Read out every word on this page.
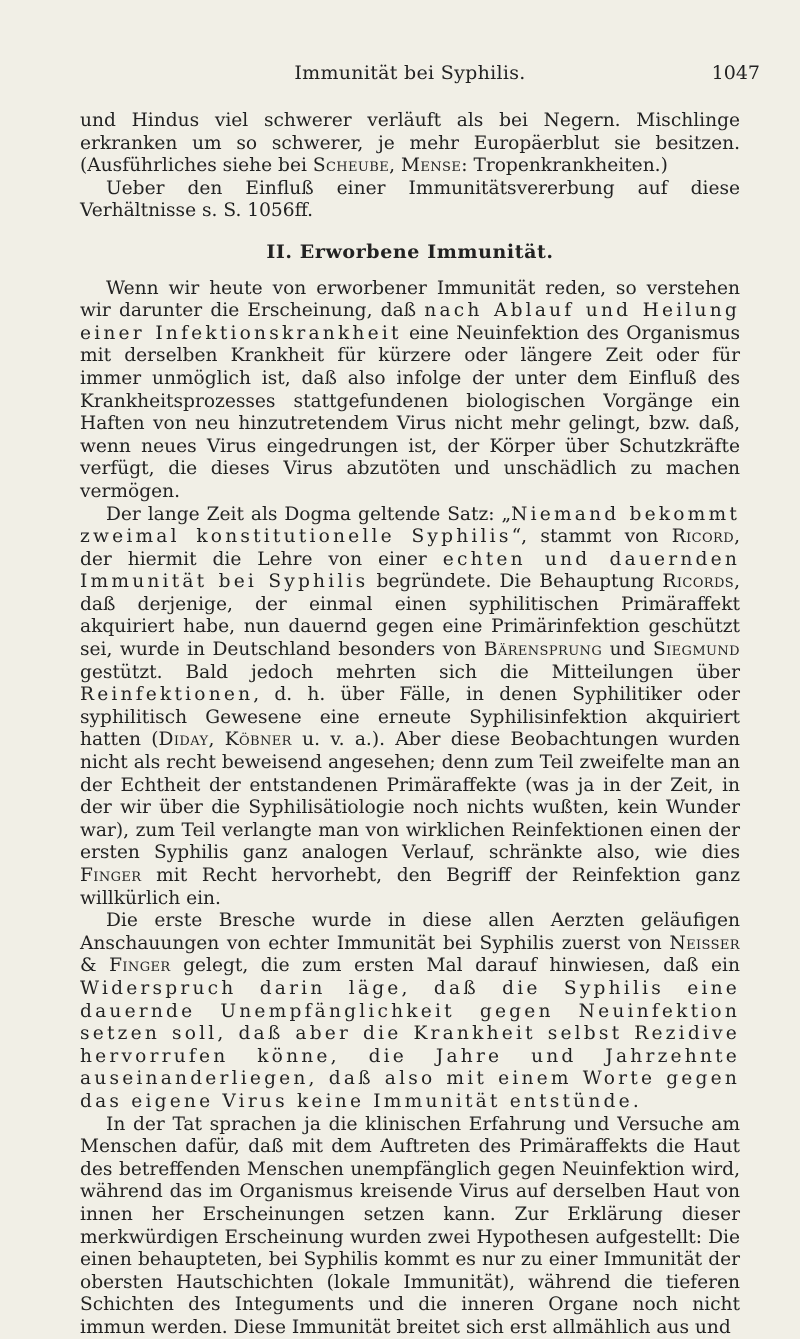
Immunität bei Syphilis.	1047

und Hindus viel schwerer verläuft als bei Negern. Mischlinge erkranken um so schwerer, je mehr Europäerblut sie besitzen. (Ausführliches siehe bei Scheube, Mense: Tropenkrankheiten.)

Ueber den Einfluß einer Immunitätsvererbung auf diese Verhältnisse s. S. 1056ff.

II. Erworbene Immunität.

Wenn wir heute von erworbener Immunität reden, so verstehen wir darunter die Erscheinung, daß nach Ablauf und Heilung einer Infektionskrankheit eine Neuinfektion des Organismus mit derselben Krankheit für kürzere oder längere Zeit oder für immer unmöglich ist, daß also infolge der unter dem Einfluß des Krankheitsprozesses stattgefundenen biologischen Vorgänge ein Haften von neu hinzutretendem Virus nicht mehr gelingt, bzw. daß, wenn neues Virus eingedrungen ist, der Körper über Schutzkräfte verfügt, die dieses Virus abzutöten und unschädlich zu machen vermögen.

Der lange Zeit als Dogma geltende Satz: „Niemand bekommt zweimal konstitutionelle Syphilis“, stammt von Ricord, der hiermit die Lehre von einer echten und dauernden Immunität bei Syphilis begründete. Die Behauptung Ricords, daß derjenige, der einmal einen syphilitischen Primäraffekt akquiriert habe, nun dauernd gegen eine Primärinfektion geschützt sei, wurde in Deutschland besonders von Bärensprung und Siegmund gestützt. Bald jedoch mehrten sich die Mitteilungen über Reinfektionen, d. h. über Fälle, in denen Syphilitiker oder syphilitisch Gewesene eine erneute Syphilisinfektion akquiriert hatten (Diday, Köbner u. v. a.). Aber diese Beobachtungen wurden nicht als recht beweisend angesehen; denn zum Teil zweifelte man an der Echtheit der entstandenen Primäraffekte (was ja in der Zeit, in der wir über die Syphilisätiologie noch nichts wußten, kein Wunder war), zum Teil verlangte man von wirklichen Reinfektionen einen der ersten Syphilis ganz analogen Verlauf, schränkte also, wie dies Finger mit Recht hervorhebt, den Begriff der Reinfektion ganz willkürlich ein.

Die erste Bresche wurde in diese allen Aerzten geläufigen Anschauungen von echter Immunität bei Syphilis zuerst von Neisser & Finger gelegt, die zum ersten Mal darauf hinwiesen, daß ein Widerspruch darin läge, daß die Syphilis eine dauernde Unempfänglichkeit gegen Neuinfektion setzen soll, daß aber die Krankheit selbst Rezidive hervorrufen könne, die Jahre und Jahrzehnte auseinanderliegen, daß also mit einem Worte gegen das eigene Virus keine Immunität entstünde.

In der Tat sprachen ja die klinischen Erfahrung und Versuche am Menschen dafür, daß mit dem Auftreten des Primäraffekts die Haut des betreffenden Menschen unempfänglich gegen Neuinfektion wird, während das im Organismus kreisende Virus auf derselben Haut von innen her Erscheinungen setzen kann. Zur Erklärung dieser merkwürdigen Erscheinung wurden zwei Hypothesen aufgestellt: Die einen behaupteten, bei Syphilis kommt es nur zu einer Immunität der obersten Hautschichten (lokale Immunität), während die tieferen Schichten des Integuments und die inneren Organe noch nicht immun werden. Diese Immunität breitet sich erst allmählich aus und
